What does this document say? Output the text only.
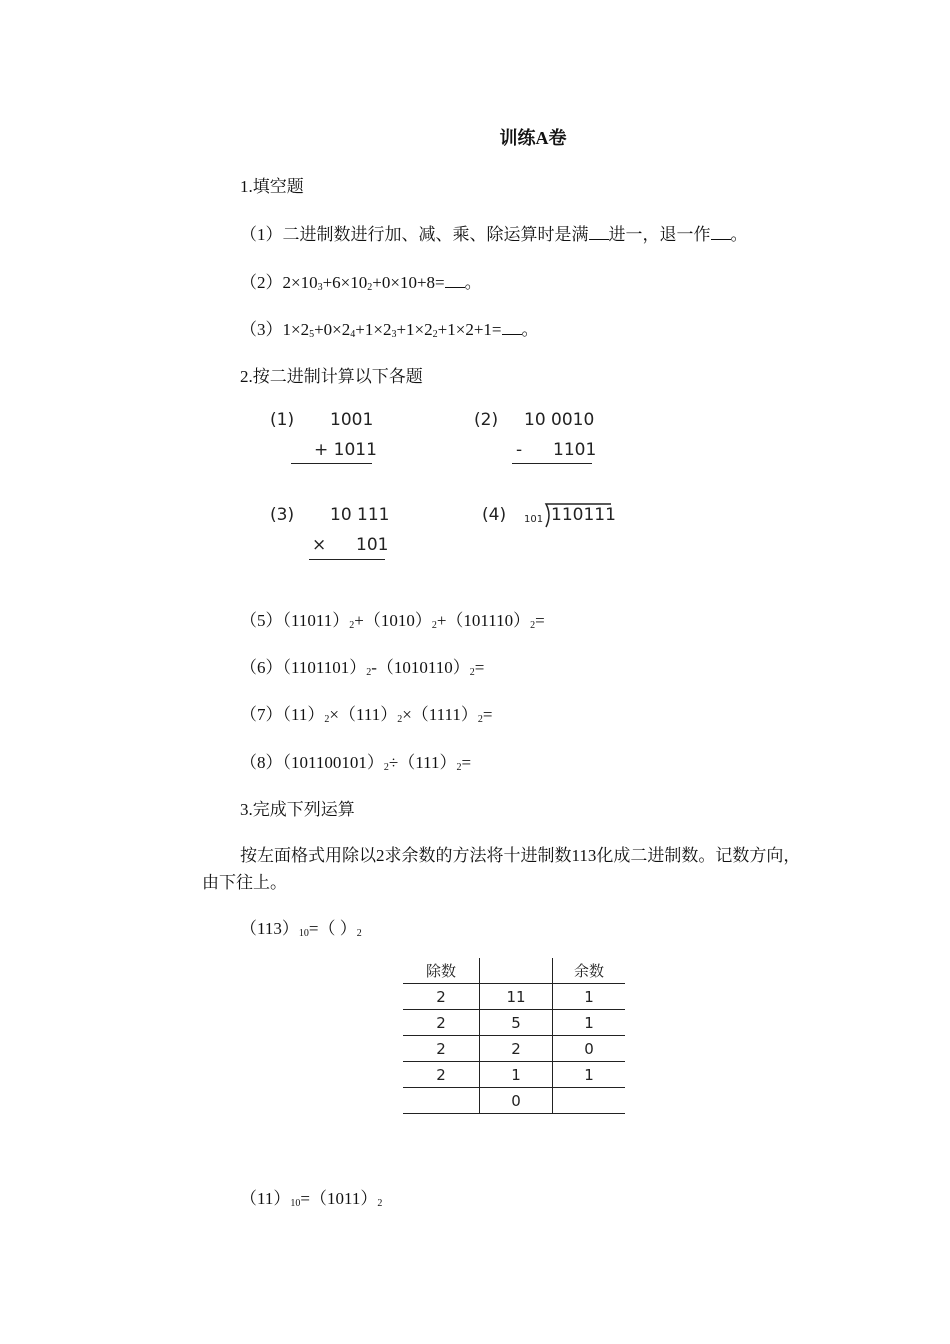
训练A卷
1.填空题
（1）二进制数进行加、减、乘、除运算时是满 进一，退一作 。
$(2)2\times 10_3+6\times 10_2+0\times 10+8=$ 。
$(3)1\times 2_5+0\times 2_4+1\times 2_3+1\times 2_2+1\times 2+1=$ 。
2.按二进制计算以下各题
(1) 1001
+ 1011
(2) 10 0010
- 1101
(3) 10 111
× 101
(4) 101 110111
$(5)(11011)_2+(1010)_2+(101110)_2=$
$(6)(1101101)_2-(1010110)_2=$
$(7)(11)_2\times(111)_2\times(1111)_2=$
$(8)(101100101)_2\div(111)_2=$
3.完成下列运算
按左面格式用除以2求余数的方法将十进制数113化成二进制数。记数方向，由下往上。
$(113)_{10}=$（ ）$_2$
除数		余数
2	11	1
2	5	1
2	2	0
2	1	1
	0	
$(11)_{10}=(1011)_2$
